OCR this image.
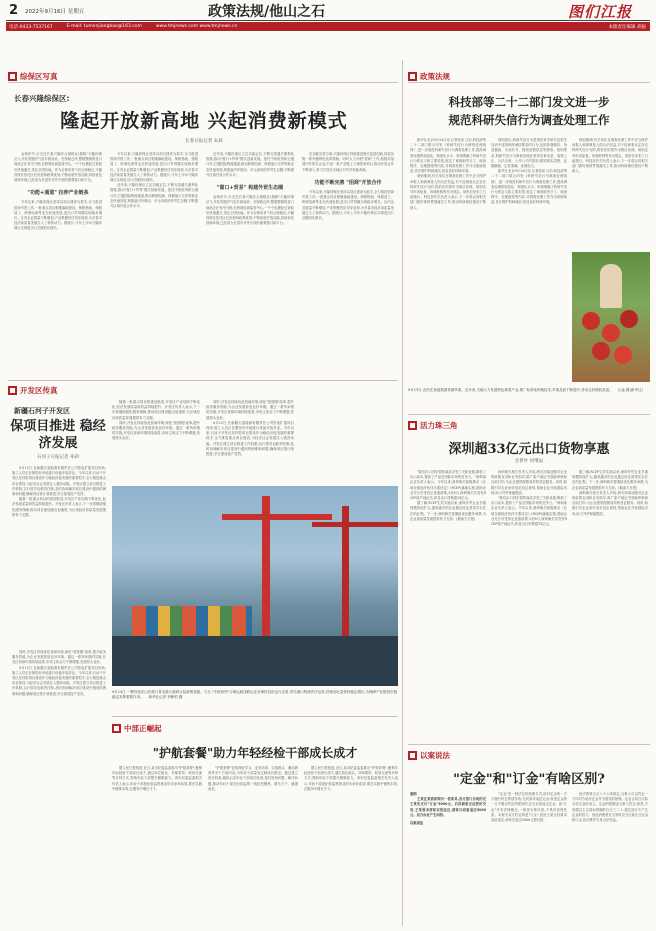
2 2022年9月16日 星期五	政策法规/他山之石	图们江报
电话-0433-7537167	E-mail: tumenjiangbao@163.com	www.tmjnews.com www.tmjnews.cn	本版责任编辑 胡振
综保区写真
长春兴隆综保区:
隆起开放新高地 兴起消费新模式
长春日报记者 朱莉

金秋时节,行走在长春兴隆综合保税区(简称"兴隆综保区"),开放发展的气息扑面而来。在保税仓库,整箱整箱的进口商品正在有序分拣;在跨境电商监管中心,一个个包裹经过查验后快速通关,发往全国各地。作为吉林省首个综合保税区,兴隆综保区依托区位优势和政策优势,不断拓展开放功能,持续优化营商环境,已经成为长春市对外开放的重要窗口和平台。

"功能+通道" 拉伸产业链条

今年以来,兴隆综保区坚持以项目建设为抓手,全力推进招商引资工作,一批重点项目相继落地建设。保税物流、保税加工、跨境电商等业态快速发展,进出口贸易额实现稳步增长。区内企业数量不断增加,产业集聚效应初步显现,为长春市经济高质量发展注入了新的动力。据统计,今年上半年兴隆综保区实现进出口总额同比增长。

今年以来,兴隆综保区坚持以项目建设为抓手,全力推进招商引资工作,一批重点项目相继落地建设。保税物流、保税加工、跨境电商等业态快速发展,进出口贸易额实现稳步增长。区内企业数量不断增加,产业集聚效应初步显现,为长春市经济高质量发展注入了新的动力。据统计,今年上半年兴隆综保区实现进出口总额同比增长。

近年来,兴隆综保区立足功能定位,不断完善通关便利化措施,推动"窗口+贸易"模式创新发展。依托中欧班列和空港口岸,打通国际物流通道,推动跨境电商、保税展示交易等新业态快速发展,构建起内外联动、多元协同的外贸生态圈,不断提升区域开放合作水平。

近年来,兴隆综保区立足功能定位,不断完善通关便利化措施,推动"窗口+贸易"模式创新发展。依托中欧班列和空港口岸,打通国际物流通道,推动跨境电商、保税展示交易等新业态快速发展,构建起内外联动、多元协同的外贸生态圈,不断提升区域开放合作水平。

"窗口+贸易" 构建外贸生态圈

金秋时节,行走在长春兴隆综合保税区(简称"兴隆综保区"),开放发展的气息扑面而来。在保税仓库,整箱整箱的进口商品正在有序分拣;在跨境电商监管中心,一个个包裹经过查验后快速通关,发往全国各地。作为吉林省首个综合保税区,兴隆综保区依托区位优势和政策优势,不断拓展开放功能,持续优化营商环境,已经成为长春市对外开放的重要窗口和平台。

在功能完善方面,兴隆综保区持续推进海关监管创新,探索实施一系列便利化改革措施。同时大力开展"招商"工作,积极对接国内外知名企业,引进一批产业链上下游配套项目,推动开放合作不断深入,努力打造东北地区对外开放新高地。

功能不断完善 "招商"开放合作

今年以来,兴隆综保区坚持以项目建设为抓手,全力推进招商引资工作,一批重点项目相继落地建设。保税物流、保税加工、跨境电商等业态快速发展,进出口贸易额实现稳步增长。区内企业数量不断增加,产业集聚效应初步显现,为长春市经济高质量发展注入了新的动力。据统计,今年上半年兴隆综保区实现进出口总额同比增长。

开发区传真
新疆石河子开发区
保项目推进 稳经济发展
石河子日报记者 朱莉

9月12日,在新疆天富能源有限责任公司热电扩建项目现场,施工人员正在紧张有序地进行设备安装作业。今年以来,石河子开发区坚持把项目建设作为稳经济促发展的重要抓手,全力推进重点项目建设,为经济社会发展注入强劲动能。开发区建立项目推进工作机制,实行领导包联责任制,及时协调解决项目建设中遇到的困难和问题,确保项目按计划推进,早日建成投产见效。

随着一批重点项目的建设推进,开发区产业结构不断优化,经济发展质量和效益持续提升。开发区负责人表示,下一步将继续强化服务保障,推动项目建设跑出加速度,为区域经济高质量发展提供有力支撑。

随着一批重点项目的建设推进,开发区产业结构不断优化,经济发展质量和效益持续提升。开发区负责人表示,下一步将继续强化服务保障,推动项目建设跑出加速度,为区域经济高质量发展提供有力支撑。

同时,开发区持续优化营商环境,深化"放管服"改革,提升政务服务效能,为企业发展营造良好环境。通过一系列举措的实施,开发区营商环境持续改善,市场主体活力不断增强,发展势头良好。

同时,开发区持续优化营商环境,深化"放管服"改革,提升政务服务效能,为企业发展营造良好环境。通过一系列举措的实施,开发区营商环境持续改善,市场主体活力不断增强,发展势头良好。

9月12日,在新疆天富能源有限责任公司热电扩建项目现场,施工人员正在紧张有序地进行设备安装作业。今年以来,石河子开发区坚持把项目建设作为稳经济促发展的重要抓手,全力推进重点项目建设,为经济社会发展注入强劲动能。开发区建立项目推进工作机制,实行领导包联责任制,及时协调解决项目建设中遇到的困难和问题,确保项目按计划推进,早日建成投产见效。

9月14日,一艘货轮在山东港口青岛港大港码头装载集装箱。当日,"中欧班列"与海运航线联运业务保持良好运行态势,青岛港口物流有序运转,货物吞吐量保持稳定增长,为保障产业链供应链稳定发挥重要作用。 新华社记者 李紫恒 摄
中部正崛起
"护航套餐"助力年轻经检干部成长成才

据人民日报报道 近日,某市纪委监委推出"护航套餐",聚焦年轻经检干部成长成才,通过岗位练兵、导师帮带、轮岗交流等多种方式,帮助年轻干部提升履职能力。该市纪委监委相关负责人表示,年轻干部是纪检监察事业的未来和希望,要在实践中锤炼本领,在服务中增长才干。

"护航套餐"包括理论学习、业务培训、实战练兵、廉洁教育等多个方面内容,为年轻干部量身定制成长路径。通过建立成长档案,跟踪记录年轻干部成长轨迹,及时发现问题、解决问题,推动年轻干部在纪检监察一线经受锻炼、增长才干、健康成长。

据人民日报报道 近日,某市纪委监委推出"护航套餐",聚焦年轻经检干部成长成才,通过岗位练兵、导师帮带、轮岗交流等多种方式,帮助年轻干部提升履职能力。该市纪委监委相关负责人表示,年轻干部是纪检监察事业的未来和希望,要在实践中锤炼本领,在服务中增长才干。

同时,开发区持续优化营商环境,深化"放管服"改革,提升政务服务效能,为企业发展营造良好环境。通过一系列举措的实施,开发区营商环境持续改善,市场主体活力不断增强,发展势头良好。

9月12日,在新疆天富能源有限责任公司热电扩建项目现场,施工人员正在紧张有序地进行设备安装作业。今年以来,石河子开发区坚持把项目建设作为稳经济促发展的重要抓手,全力推进重点项目建设,为经济社会发展注入强劲动能。开发区建立项目推进工作机制,实行领导包联责任制,及时协调解决项目建设中遇到的困难和问题,确保项目按计划推进,早日建成投产见效。

政策法规
科技部等二十二部门发文进一步
规范科研失信行为调查处理工作

新华社北京9月14日电 记者张泉 日前,科技部等二十二部门联合印发《科研失信行为调查处理规则》,进一步规范科研失信行为调查处理工作,提高调查处理的规范化、制度化水平。规则明确了科研失信行为的定义和主要类型,规定了调查职责分工、调查程序、处理措施等内容,对调查处理工作作出系统规范,旨在维护科研诚信,营造良好科研环境。

规则强调,有关单位在调查处理工作中应当保护举报人和被调查人的合法权益,对于经调查认定存在科研失信行为的,将依法依规作出相应处理。规则还对申诉复查、协调机制等作出规定。规则自发布之日起施行。科技部有关负责人表示,下一步将会同相关部门做好规则贯彻落实工作,推动科研诚信建设不断深入。

规则指出,科研失信行为是指在科学研究及相关活动中违背科研诚信要求的行为,包括抄袭剽窃、伪造篡改、买卖代写、提供虚假信息等情形。规则要求,科研失信行为调查处理应坚持实事求是、客观公正、合法合规、公开公平的原则,做到事实清楚、证据确凿、定性准确、处理恰当。

新华社北京9月14日电 记者张泉 日前,科技部等二十二部门联合印发《科研失信行为调查处理规则》,进一步规范科研失信行为调查处理工作,提高调查处理的规范化、制度化水平。规则明确了科研失信行为的定义和主要类型,规定了调查职责分工、调查程序、处理措施等内容,对调查处理工作作出系统规范,旨在维护科研诚信,营造良好科研环境。

规则强调,有关单位在调查处理工作中应当保护举报人和被调查人的合法权益,对于经调查认定存在科研失信行为的,将依法依规作出相应处理。规则还对申诉复查、协调机制等作出规定。规则自发布之日起施行。科技部有关负责人表示,下一步将会同相关部门做好规则贯彻落实工作,推动科研诚信建设不断深入。

9月13日,农民在某地果园采摘苹果。近年来,当地大力发展特色林果产业,推广标准化种植技术,苹果品质不断提升,带动农民增收致富。 江淼 摄(新华社)
活力珠三角
深圳超33亿元出口货物享惠
甘梦扑 何继辰

"我们出口到东盟的商品享受了关税优惠,降低了出口成本,提高了产品在国际市场的竞争力。"深圳某企业负责人表示。今年以来,深圳海关积极推动《区域全面经济伙伴关系协定》(RCEP)落地实施,帮助企业充分享受协定优惠政策,1至8月,深圳海关共签发RCEP原产地证书,涉及出口货物超33亿元。

据了解,RCEP生效实施以来,深圳外贸企业享惠规模持续扩大,越来越多的企业通过协定获得实实在在的红利。下一步,深圳海关将继续优化服务举措,为企业高质量发展提供有力支持。(据南方日报)

深圳海关相关负责人介绍,海关持续加强对企业的政策宣讲和业务指导,推广原产地证书智能审核和自助打印,为企业提供便捷高效的签证服务。同时,积极引导企业用好用足协定规则,帮助企业开拓国际市场,助力外贸保稳提质。

"我们出口到东盟的商品享受了关税优惠,降低了出口成本,提高了产品在国际市场的竞争力。"深圳某企业负责人表示。今年以来,深圳海关积极推动《区域全面经济伙伴关系协定》(RCEP)落地实施,帮助企业充分享受协定优惠政策,1至8月,深圳海关共签发RCEP原产地证书,涉及出口货物超33亿元。

据了解,RCEP生效实施以来,深圳外贸企业享惠规模持续扩大,越来越多的企业通过协定获得实实在在的红利。下一步,深圳海关将继续优化服务举措,为企业高质量发展提供有力支持。(据南方日报)

深圳海关相关负责人介绍,海关持续加强对企业的政策宣讲和业务指导,推广原产地证书智能审核和自助打印,为企业提供便捷高效的签证服务。同时,积极引导企业用好用足协定规则,帮助企业开拓国际市场,助力外贸保稳提质。

以案说法
"定金"和"订金"有啥区别?
案例

王某在某商家购买一套家具,双方签订合同约定王某先支付"订金"5000元。后因商家无法按时交货,王某要求商家双倍返还,商家只同意退还5000元。双方由此产生纠纷。

以案说法

"定金"是一种法定的担保方式,给付定金的一方不履行约定的债务的,无权请求返还定金;收受定金的一方不履行约定的债务的,应当双倍返还定金。而"订金"并非法律概念,一般视为预付款,不具有担保性质。本案中双方约定的是"订金",因此王某无权要求双倍返还,商家应退还5000元预付款。

民法典第五百八十六条规定,当事人可以约定一方向对方给付定金作为债权的担保。定金合同自实际交付定金时成立。定金的数额由当事人约定;但是,不得超过主合同标的额的百分之二十,超过部分不产生定金的效力。因此消费者在交易时应当注意区分定金和订金,依法维护自身合法权益。
